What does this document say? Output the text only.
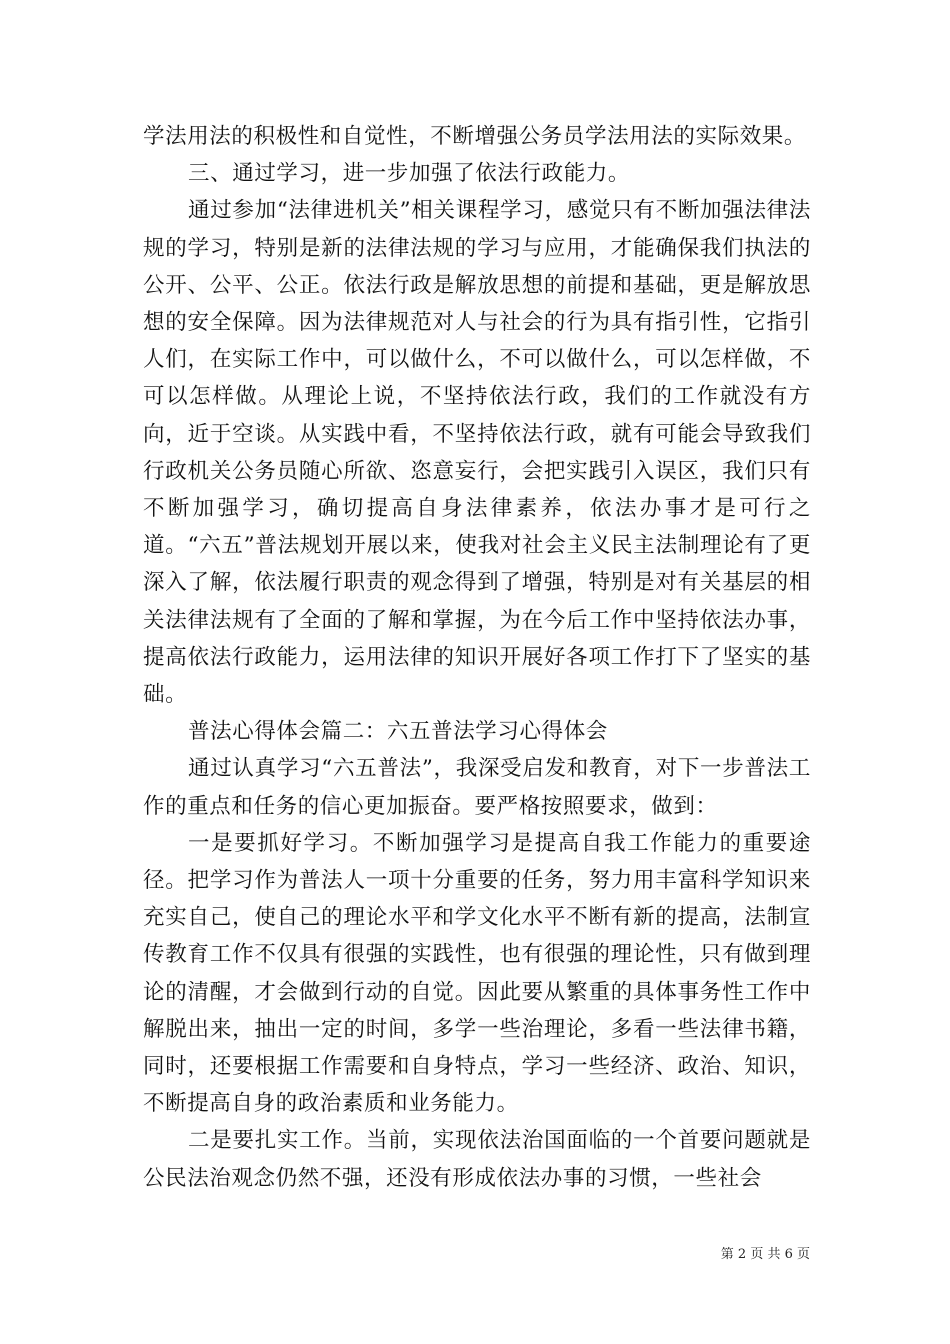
学法用法的积极性和自觉性，不断增强公务员学法用法的实际效果。

三、通过学习，进一步加强了依法行政能力。

通过参加“法律进机关”相关课程学习，感觉只有不断加强法律法规的学习，特别是新的法律法规的学习与应用，才能确保我们执法的公开、公平、公正。依法行政是解放思想的前提和基础，更是解放思想的安全保障。因为法律规范对人与社会的行为具有指引性，它指引人们，在实际工作中，可以做什么，不可以做什么，可以怎样做，不可以怎样做。从理论上说，不坚持依法行政，我们的工作就没有方向，近于空谈。从实践中看，不坚持依法行政，就有可能会导致我们行政机关公务员随心所欲、恣意妄行，会把实践引入误区，我们只有不断加强学习，确切提高自身法律素养，依法办事才是可行之道。“六五”普法规划开展以来，使我对社会主义民主法制理论有了更深入了解，依法履行职责的观念得到了增强，特别是对有关基层的相关法律法规有了全面的了解和掌握，为在今后工作中坚持依法办事，提高依法行政能力，运用法律的知识开展好各项工作打下了坚实的基础。

普法心得体会篇二：六五普法学习心得体会

通过认真学习“六五普法”，我深受启发和教育，对下一步普法工作的重点和任务的信心更加振奋。要严格按照要求，做到：

一是要抓好学习。不断加强学习是提高自我工作能力的重要途径。把学习作为普法人一项十分重要的任务，努力用丰富科学知识来充实自己，使自己的理论水平和学文化水平不断有新的提高，法制宣传教育工作不仅具有很强的实践性，也有很强的理论性，只有做到理论的清醒，才会做到行动的自觉。因此要从繁重的具体事务性工作中解脱出来，抽出一定的时间，多学一些治理论，多看一些法律书籍，同时，还要根据工作需要和自身特点，学习一些经济、政治、知识，不断提高自身的政治素质和业务能力。

二是要扎实工作。当前，实现依法治国面临的一个首要问题就是公民法治观念仍然不强，还没有形成依法办事的习惯，一些社会

第 2 页 共 6 页
